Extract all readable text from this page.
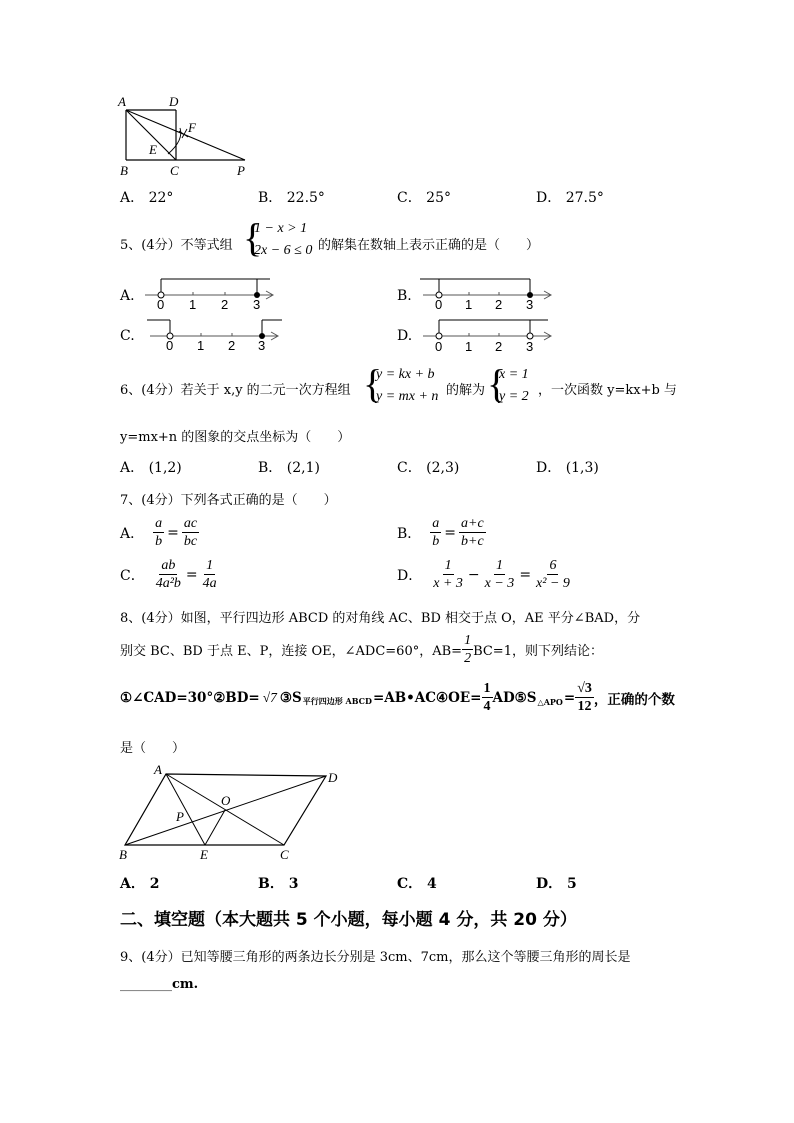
A	D
F
E
B	C	P
A． 22°	B． 22.5°	C． 25°	D． 27.5°
5、(4分）不等式组 {
1 − x > 1
2x − 6 ≤ 0 的解集在数轴上表示正确的是（　　）
A.	B.
C.	D.
0 1 2 3	0 1 2 3
0 1 2 3	0 1 2 3
6、(4分）若关于 x,y 的二元一次方程组 {
y = kx + b
y = mx + n 的解为 {
x = 1
y = 2 ，一次函数 y=kx+b 与
y=mx+n 的图象的交点坐标为（　　）
A． (1,2)	B． (2,1)	C． (2,3)	D． (1,3)
7、(4分）下列各式正确的是（　　）
A． $\frac{a}{b} = \frac{ac}{bc}$	B． $\frac{a}{b} = \frac{a+c}{b+c}$
C． $\frac{ab}{\text{4a²b}} = \frac{1}{4a}$	D． $\frac{1}{x + 3} - \frac{1}{x - 3} = \frac{6}{\text{x² − 9}}$
8、(4分）如图，平行四边形 ABCD 的对角线 AC、BD 相交于点 O，AE 平分∠BAD，分
别交 BC、BD 于点 E、P，连接 OE，∠ADC=60°，$AB= \frac{1}{2} BC=1$，则下列结论：
①∠CAD=30°②BD= √7 ③S 平行四边形 ABCD =AB•AC④OE= $\frac{1}{4}$ AD⑤S △APO = $\frac{√3}{12}$ ，正确的个数
是（　　）
A
D
O
P
B	E	C
A． 2	B． 3	C． 4	D． 5
二、填空题（本大题共 5 个小题，每小题 4 分，共 20 分）
9、(4分）已知等腰三角形的两条边长分别是 3cm、7cm，那么这个等腰三角形的周长是
________cm.
